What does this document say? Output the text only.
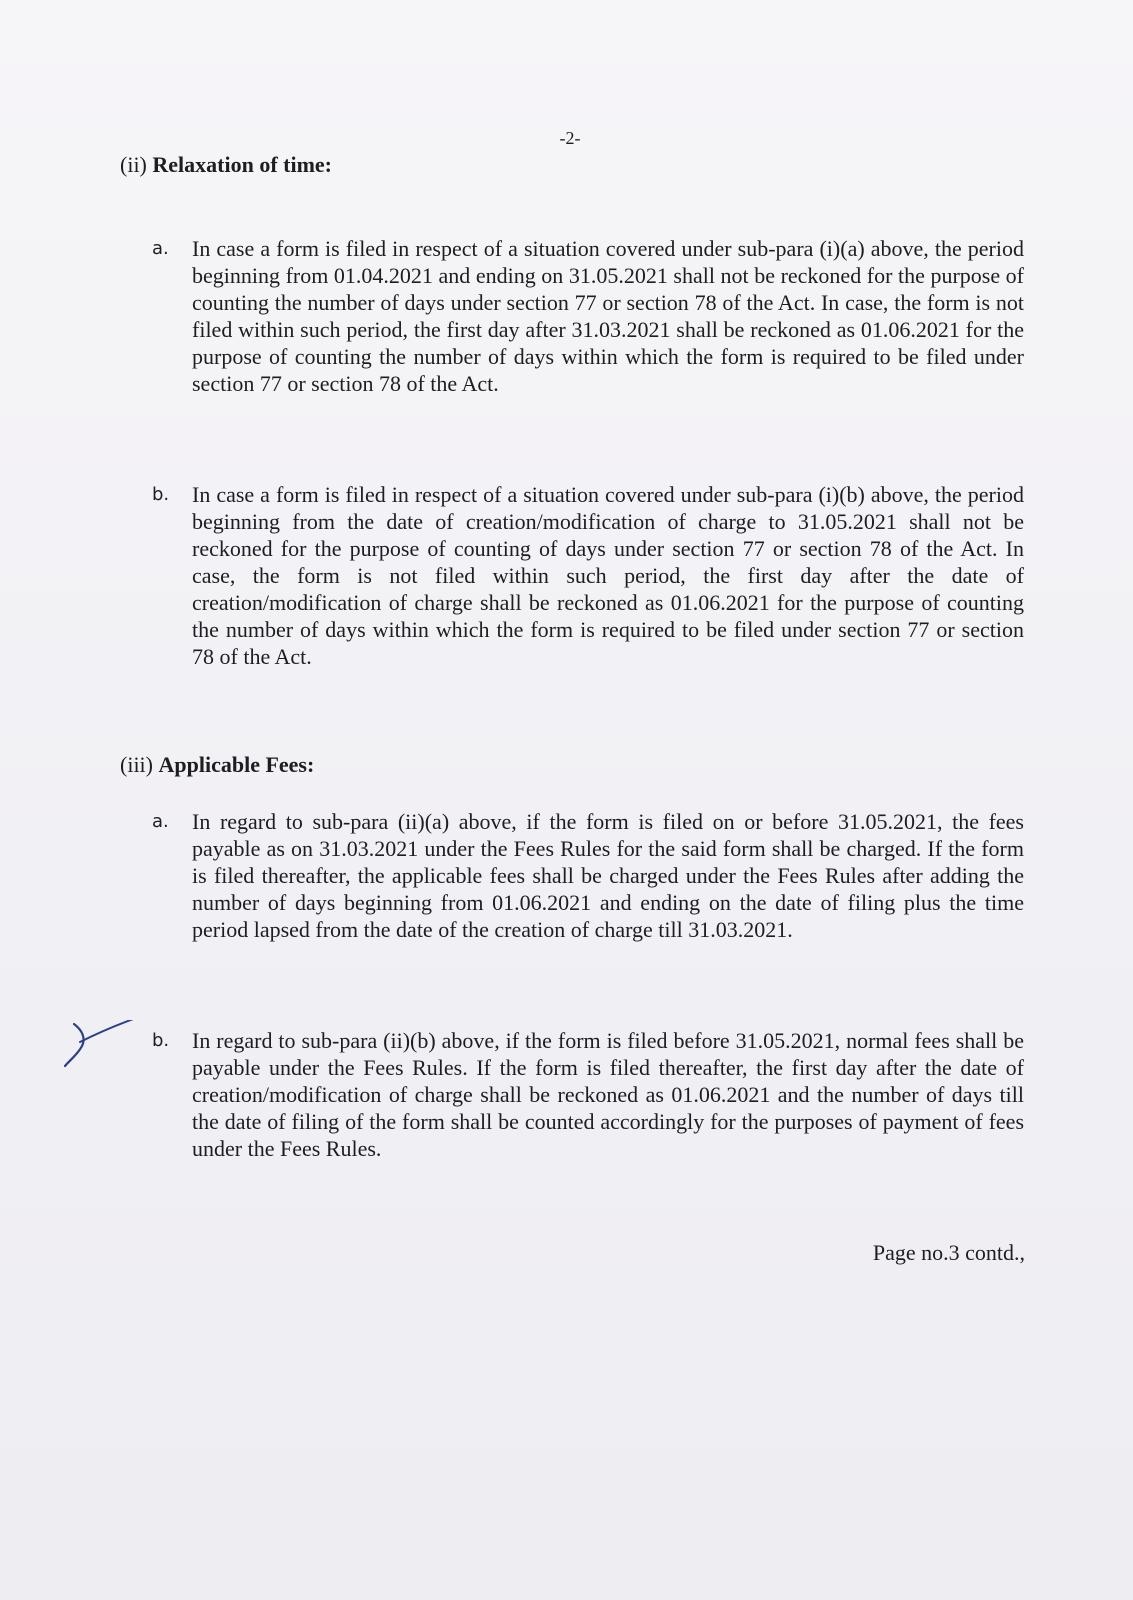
-2-
(ii) Relaxation of time:
a.	In case a form is filed in respect of a situation covered under sub-para (i)(a) above, the period beginning from 01.04.2021 and ending on 31.05.2021 shall not be reckoned for the purpose of counting the number of days under section 77 or section 78 of the Act. In case, the form is not filed within such period, the first day after 31.03.2021 shall be reckoned as 01.06.2021 for the purpose of counting the number of days within which the form is required to be filed under section 77 or section 78 of the Act.
b.	In case a form is filed in respect of a situation covered under sub-para (i)(b) above, the period beginning from the date of creation/modification of charge to 31.05.2021 shall not be reckoned for the purpose of counting of days under section 77 or section 78 of the Act. In case, the form is not filed within such period, the first day after the date of creation/modification of charge shall be reckoned as 01.06.2021 for the purpose of counting the number of days within which the form is required to be filed under section 77 or section 78 of the Act.
(iii) Applicable Fees:
a.	In regard to sub-para (ii)(a) above, if the form is filed on or before 31.05.2021, the fees payable as on 31.03.2021 under the Fees Rules for the said form shall be charged. If the form is filed thereafter, the applicable fees shall be charged under the Fees Rules after adding the number of days beginning from 01.06.2021 and ending on the date of filing plus the time period lapsed from the date of the creation of charge till 31.03.2021.
b.	In regard to sub-para (ii)(b) above, if the form is filed before 31.05.2021, normal fees shall be payable under the Fees Rules. If the form is filed thereafter, the first day after the date of creation/modification of charge shall be reckoned as 01.06.2021 and the number of days till the date of filing of the form shall be counted accordingly for the purposes of payment of fees under the Fees Rules.
Page no.3 contd.,
